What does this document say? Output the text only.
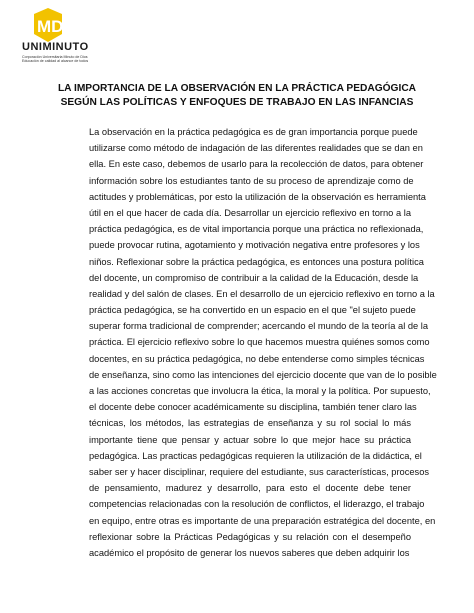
MD
UNIMINUTO
Corporación Universitaria Minuto de Dios
Educación de calidad al alcance de todos
LA IMPORTANCIA DE LA OBSERVACIÓN EN LA PRÁCTICA PEDAGÓGICA
SEGÚN LAS POLÍTICAS Y ENFOQUES DE TRABAJO EN LAS INFANCIAS
La observación en la práctica pedagógica es de gran importancia porque puede
utilizarse como método de indagación de las diferentes realidades que se dan en
ella. En este caso, debemos de usarlo para la recolección de datos, para obtener
información sobre los estudiantes tanto de su proceso de aprendizaje como de
actitudes y problemáticas, por esto la utilización de la observación es herramienta
útil en el que hacer de cada día. Desarrollar un ejercicio reflexivo en torno a la
práctica pedagógica, es de vital importancia porque una práctica no reflexionada,
puede provocar rutina, agotamiento y motivación negativa entre profesores y los
niños. Reflexionar sobre la práctica pedagógica, es entonces una postura política
del docente, un compromiso de contribuir a la calidad de la Educación, desde la
realidad y del salón de clases. En el desarrollo de un ejercicio reflexivo en torno a la
práctica pedagógica, se ha convertido en un espacio en el que "el sujeto puede
superar forma tradicional de comprender; acercando el mundo de la teoría al de la
práctica. El ejercicio reflexivo sobre lo que hacemos muestra quiénes somos como
docentes, en su práctica pedagógica, no debe entenderse como simples técnicas
de enseñanza, sino como las intenciones del ejercicio docente que van de lo posible
a las acciones concretas que involucra la ética, la moral y la política. Por supuesto,
el docente debe conocer académicamente su disciplina, también tener claro las
técnicas, los métodos, las estrategias de enseñanza y su rol social lo más
importante tiene que pensar y actuar sobre lo que mejor hace su práctica
pedagógica. Las practicas pedagógicas requieren la utilización de la didáctica, el
saber ser y hacer disciplinar, requiere del estudiante, sus características, procesos
de pensamiento, madurez y desarrollo, para esto el docente debe tener
competencias relacionadas con la resolución de conflictos, el liderazgo, el trabajo
en equipo, entre otras es importante de una preparación estratégica del docente, en
reflexionar sobre la Prácticas Pedagógicas y su relación con el desempeño
académico el propósito de generar los nuevos saberes que deben adquirir los
